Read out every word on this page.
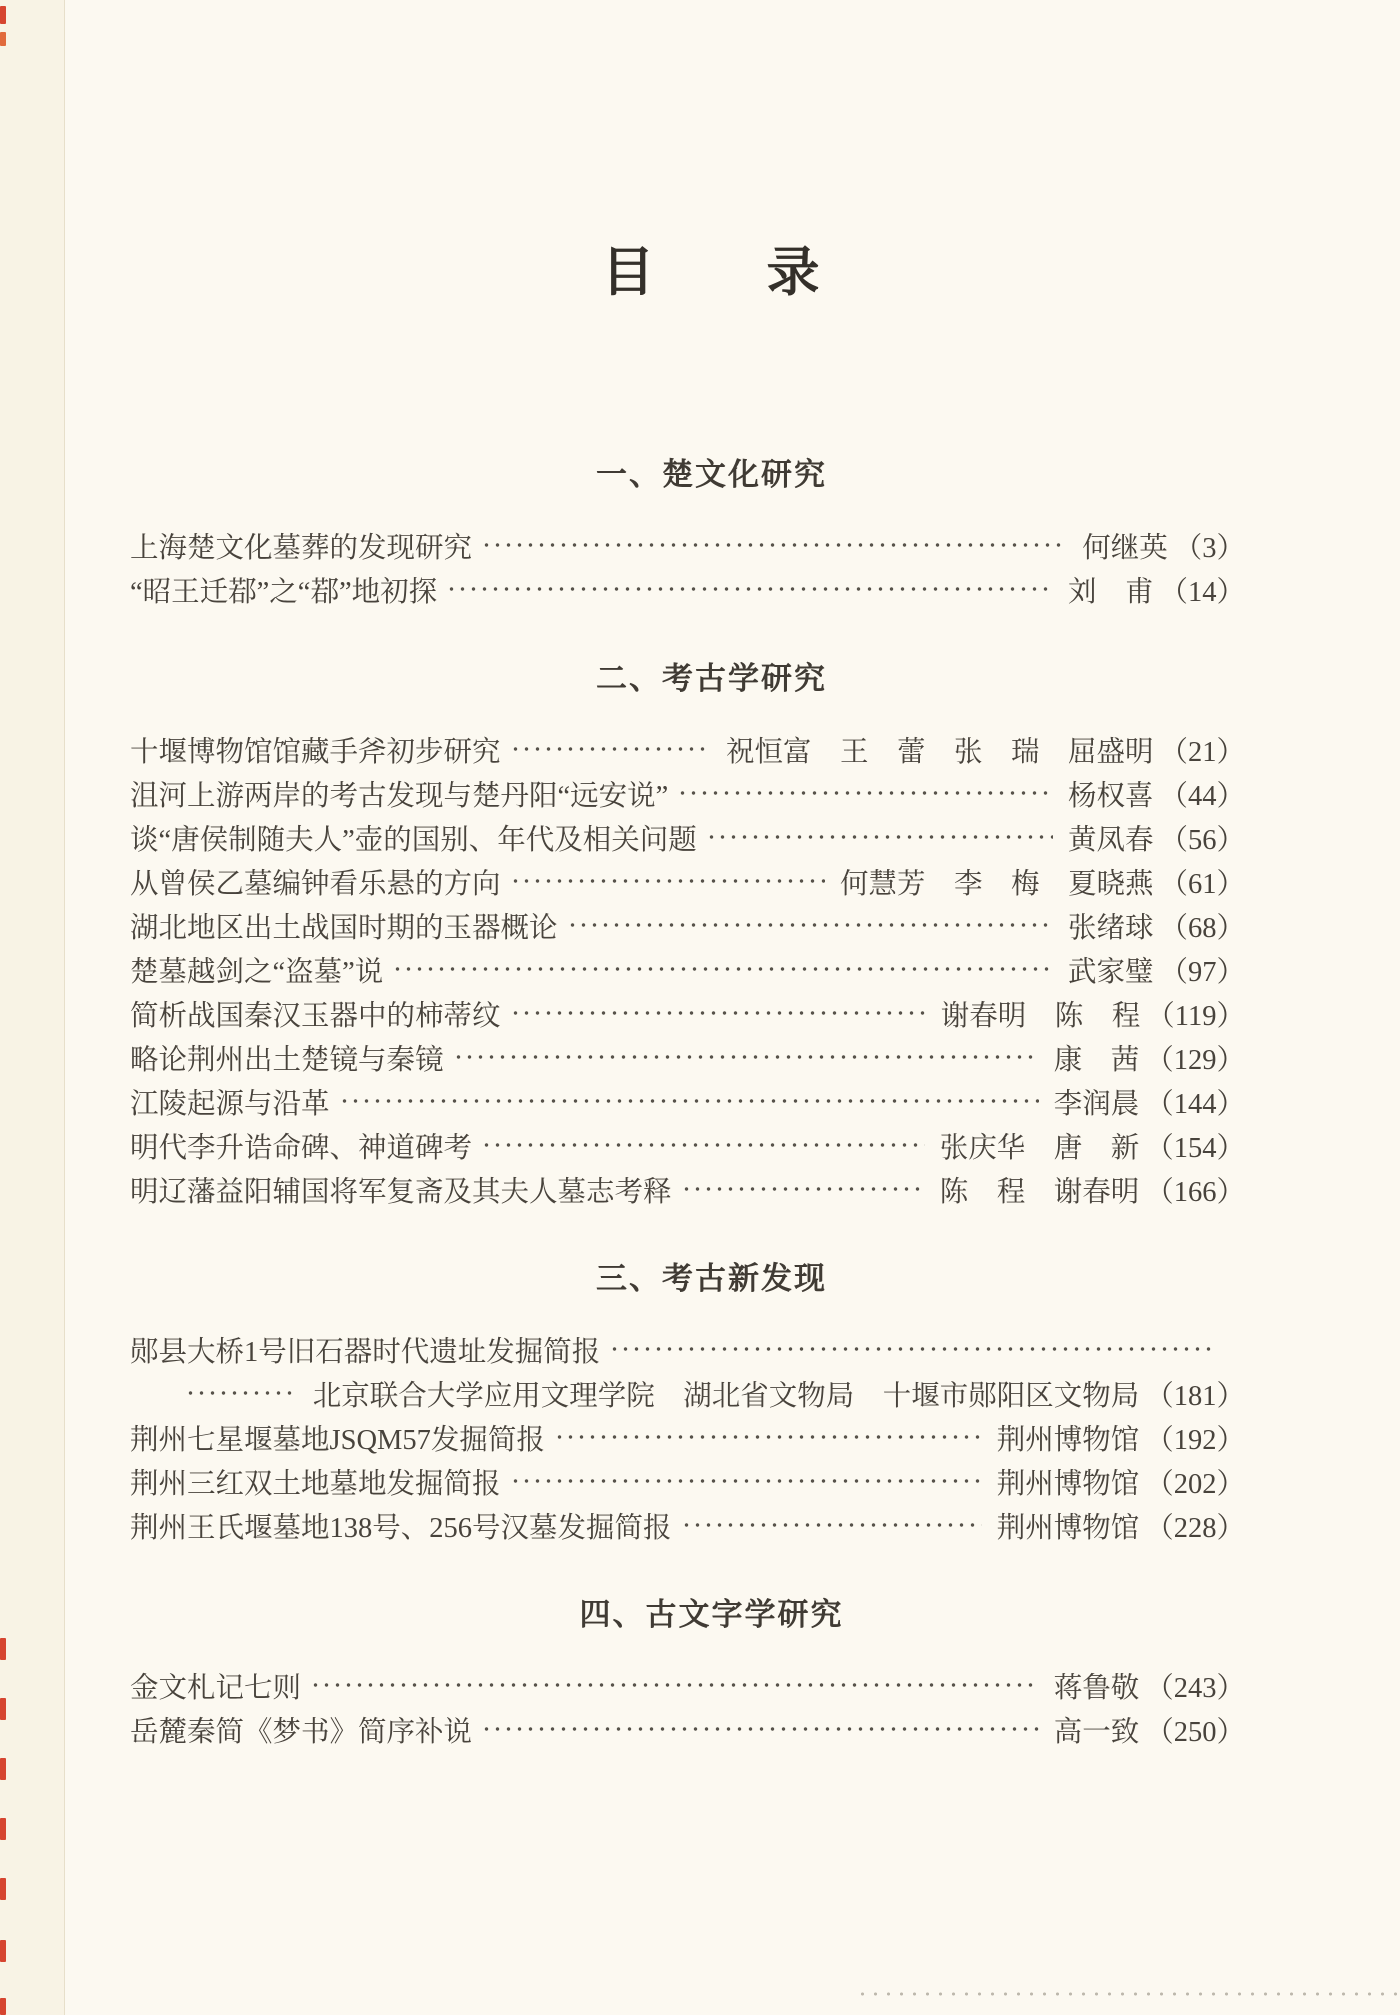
目　　录
一、楚文化研究
上海楚文化墓葬的发现研究	何继英 （3）
“昭王迁鄀”之“鄀”地初探	刘　甫 （14）
二、考古学研究
十堰博物馆馆藏手斧初步研究	祝恒富　王　蕾　张　瑞　屈盛明 （21）
沮河上游两岸的考古发现与楚丹阳“远安说”	杨权喜 （44）
谈“唐侯制随夫人”壶的国别、年代及相关问题	黄凤春 （56）
从曾侯乙墓编钟看乐悬的方向	何慧芳　李　梅　夏晓燕 （61）
湖北地区出土战国时期的玉器概论	张绪球 （68）
楚墓越剑之“盗墓”说	武家璧 （97）
简析战国秦汉玉器中的柿蒂纹	谢春明　陈　程 （119）
略论荆州出土楚镜与秦镜	康　茜 （129）
江陵起源与沿革	李润晨 （144）
明代李升诰命碑、神道碑考	张庆华　唐　新 （154）
明辽藩益阳辅国将军复斋及其夫人墓志考释	陈　程　谢春明 （166）
三、考古新发现
郧县大桥1号旧石器时代遗址发掘简报
北京联合大学应用文理学院　湖北省文物局　十堰市郧阳区文物局 （181）
荆州七星堰墓地JSQM57发掘简报	荆州博物馆 （192）
荆州三红双土地墓地发掘简报	荆州博物馆 （202）
荆州王氏堰墓地138号、256号汉墓发掘简报	荆州博物馆 （228）
四、古文字学研究
金文札记七则	蒋鲁敬 （243）
岳麓秦简《梦书》简序补说	高一致 （250）
